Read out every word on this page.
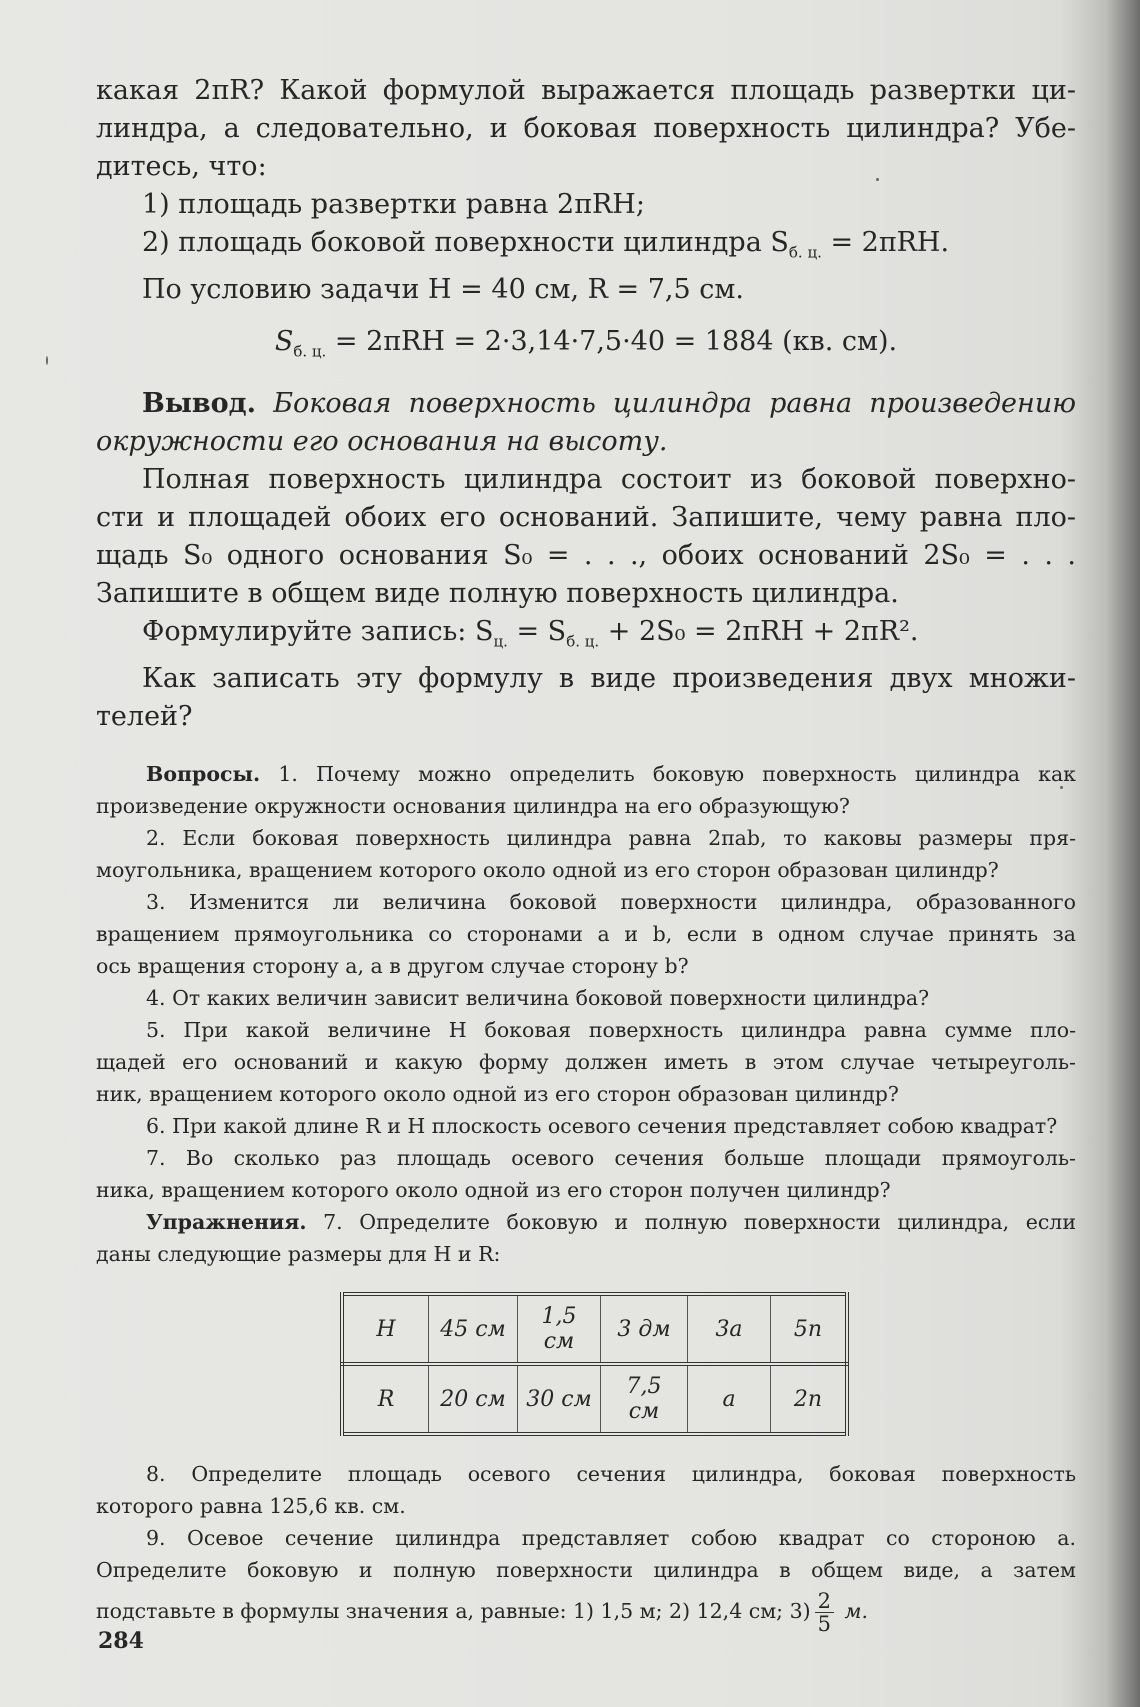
какая 2πR? Какой формулой выражается площадь развертки ци-
линдра, а следовательно, и боковая поверхность цилиндра? Убе-
дитесь, что:
1) площадь развертки равна 2πRH;
2) площадь боковой поверхности цилиндра $S_{б. ц.} = 2\pi RH$.
По условию задачи H = 40 см, R = 7,5 см.
$S_{б. ц.} = 2\pi RH = 2\cdot 3,14\cdot 7,5\cdot 40 = 1884$ (кв. см).
Вывод. Боковая поверхность цилиндра равна произведению
окружности его основания на высоту.
Полная поверхность цилиндра состоит из боковой поверхно-
сти и площадей обоих его оснований. Запишите, чему равна пло-
щадь S₀ одного основания S₀ = . . ., обоих оснований 2S₀ = . . .
Запишите в общем виде полную поверхность цилиндра.
Формулируйте запись: $S_{ц.} = S_{б. ц.} + 2S_0 = 2\pi RH + 2\pi R^2$.
Как записать эту формулу в виде произведения двух множи-
телей?
Вопросы. 1. Почему можно определить боковую поверхность цилиндра как
произведение окружности основания цилиндра на его образующую?
2. Если боковая поверхность цилиндра равна 2πab, то каковы размеры пря-
моугольника, вращением которого около одной из его сторон образован цилиндр?
3. Изменится ли величина боковой поверхности цилиндра, образованного
вращением прямоугольника со сторонами a и b, если в одном случае принять за
ось вращения сторону a, а в другом случае сторону b?
4. От каких величин зависит величина боковой поверхности цилиндра?
5. При какой величине H боковая поверхность цилиндра равна сумме пло-
щадей его оснований и какую форму должен иметь в этом случае четыреуголь-
ник, вращением которого около одной из его сторон образован цилиндр?
6. При какой длине R и H плоскость осевого сечения представляет собою квадрат?
7. Во сколько раз площадь осевого сечения больше площади прямоуголь-
ника, вращением которого около одной из его сторон получен цилиндр?
Упражнения. 7. Определите боковую и полную поверхности цилиндра, если
даны следующие размеры для H и R:
H	45 см	1,5 см	3 дм	3a	5n
R	20 см	30 см	7,5 см	a	2n
8. Определите площадь осевого сечения цилиндра, боковая поверхность
которого равна 125,6 кв. см.
9. Осевое сечение цилиндра представляет собою квадрат со стороною a.
Определите боковую и полную поверхности цилиндра в общем виде, а затем
подставьте в формулы значения a, равные: 1) 1,5 м; 2) 12,4 см; $3) \frac{2}{5} м$.
284
